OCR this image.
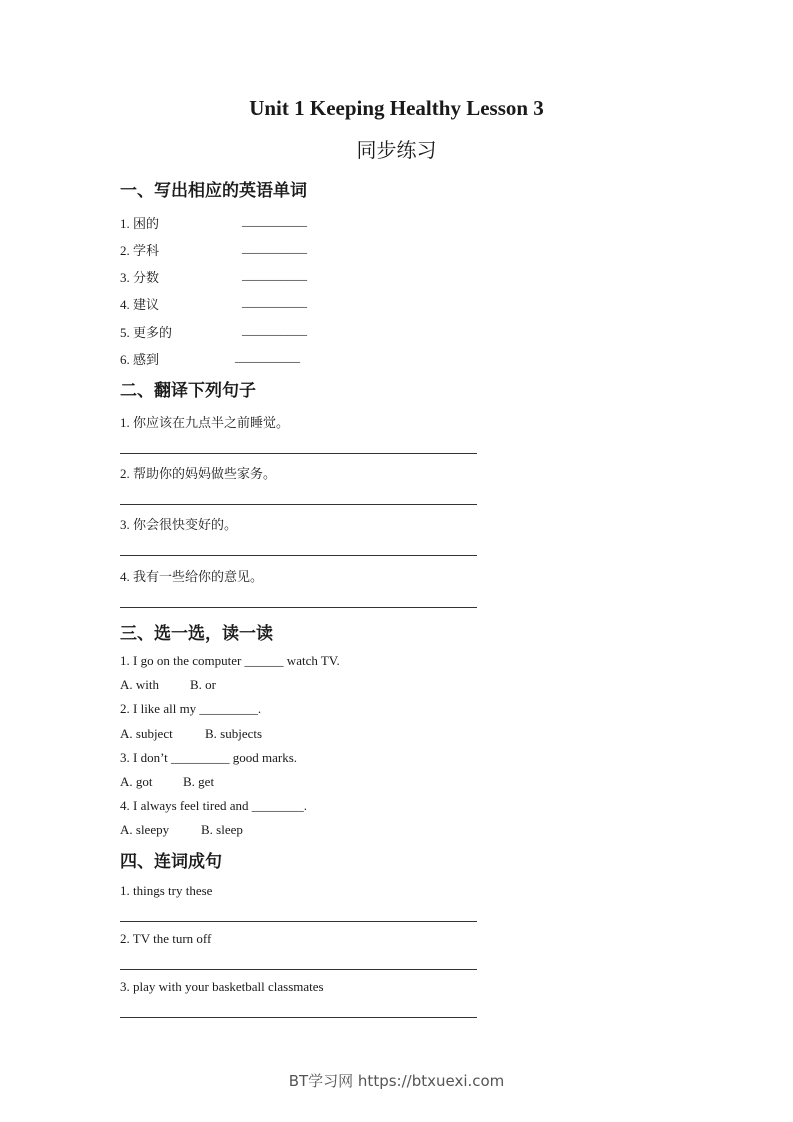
Unit 1 Keeping Healthy Lesson 3
同步练习
一、写出相应的英语单词
1. 困的	__________
2. 学科	__________
3. 分数	__________
4. 建议	__________
5. 更多的	__________
6. 感到	__________
二、翻译下列句子
1. 你应该在九点半之前睡觉。
2. 帮助你的妈妈做些家务。
3. 你会很快变好的。
4. 我有一些给你的意见。
三、选一选，读一读
1. I go on the computer ______ watch TV.
A. with B. or
2. I like all my _________.
A. subject B. subjects
3. I don’t _________ good marks.
A. got B. get
4. I always feel tired and ________.
A. sleepy B. sleep
四、连词成句
1. things try these
2. TV the turn off
3. play with your basketball classmates
BT学习网 https://btxuexi.com
